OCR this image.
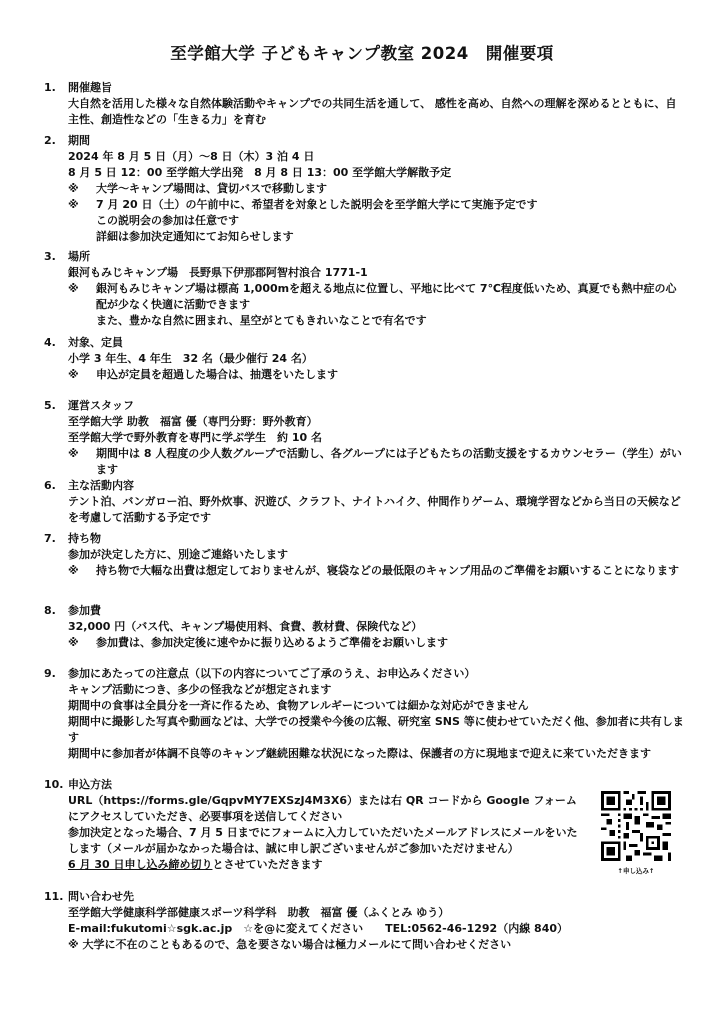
至学館大学 子どもキャンプ教室 2024　開催要項
1.	開催趣旨
大自然を活用した様々な自然体験活動やキャンプでの共同生活を通して、 感性を高め、自然への理解を深めるとともに、自主性、創造性などの「生きる力」を育む
2.	期間
2024 年 8 月 5 日（月）～8 日（木）3 泊 4 日
8 月 5 日 12：00 至学館大学出発　8 月 8 日 13：00 至学館大学解散予定
※	大学～キャンプ場間は、貸切バスで移動します
※	7 月 20 日（土）の午前中に、希望者を対象とした説明会を至学館大学にて実施予定です
この説明会の参加は任意です
詳細は参加決定通知にてお知らせします
3.	場所
銀河もみじキャンプ場　長野県下伊那郡阿智村浪合 1771-1
※	銀河もみじキャンプ場は標高 1,000mを超える地点に位置し、平地に比べて 7℃程度低いため、真夏でも熱中症の心配が少なく快適に活動できます
また、豊かな自然に囲まれ、星空がとてもきれいなことで有名です
4.	対象、定員
小学 3 年生、4 年生　32 名（最少催行 24 名）
※	申込が定員を超過した場合は、抽選をいたします
5.	運営スタッフ
至学館大学 助教　福富 優（専門分野：野外教育）
至学館大学で野外教育を専門に学ぶ学生　約 10 名
※	期間中は 8 人程度の少人数グループで活動し、各グループには子どもたちの活動支援をするカウンセラー（学生）がいます
6.	主な活動内容
テント泊、バンガロー泊、野外炊事、沢遊び、クラフト、ナイトハイク、仲間作りゲーム、環境学習などから当日の天候などを考慮して活動する予定です
7.	持ち物
参加が決定した方に、別途ご連絡いたします
※	持ち物で大幅な出費は想定しておりませんが、寝袋などの最低限のキャンプ用品のご準備をお願いすることになります
8.	参加費
32,000 円（バス代、キャンプ場使用料、食費、教材費、保険代など）
※	参加費は、参加決定後に速やかに振り込めるようご準備をお願いします
9.	参加にあたっての注意点（以下の内容についてご了承のうえ、お申込みください）
キャンプ活動につき、多少の怪我などが想定されます
期間中の食事は全員分を一斉に作るため、食物アレルギーについては細かな対応ができません
期間中に撮影した写真や動画などは、大学での授業や今後の広報、研究室 SNS 等に使わせていただく他、参加者に共有します
期間中に参加者が体調不良等のキャンプ継続困難な状況になった際は、保護者の方に現地まで迎えに来ていただきます
10. 申込方法
URL（https://forms.gle/GqpvMY7EXSzJ4M3X6）または右 QR コードから Google フォームにアクセスしていただき、必要事項を送信してください
参加決定となった場合、7 月 5 日までにフォームに入力していただいたメールアドレスにメールをいたします（メールが届かなかった場合は、誠に申し訳ございませんがご参加いただけません）
6 月 30 日申し込み締め切りとさせていただきます	↑申し込み↑
11. 問い合わせ先
至学館大学健康科学部健康スポーツ科学科　助教　福富 優（ふくとみ ゆう）
E-mail:fukutomi☆sgk.ac.jp　☆を@に変えてください　　TEL:0562-46-1292（内線 840）
※ 大学に不在のこともあるので、急を要さない場合は極力メールにて問い合わせください
